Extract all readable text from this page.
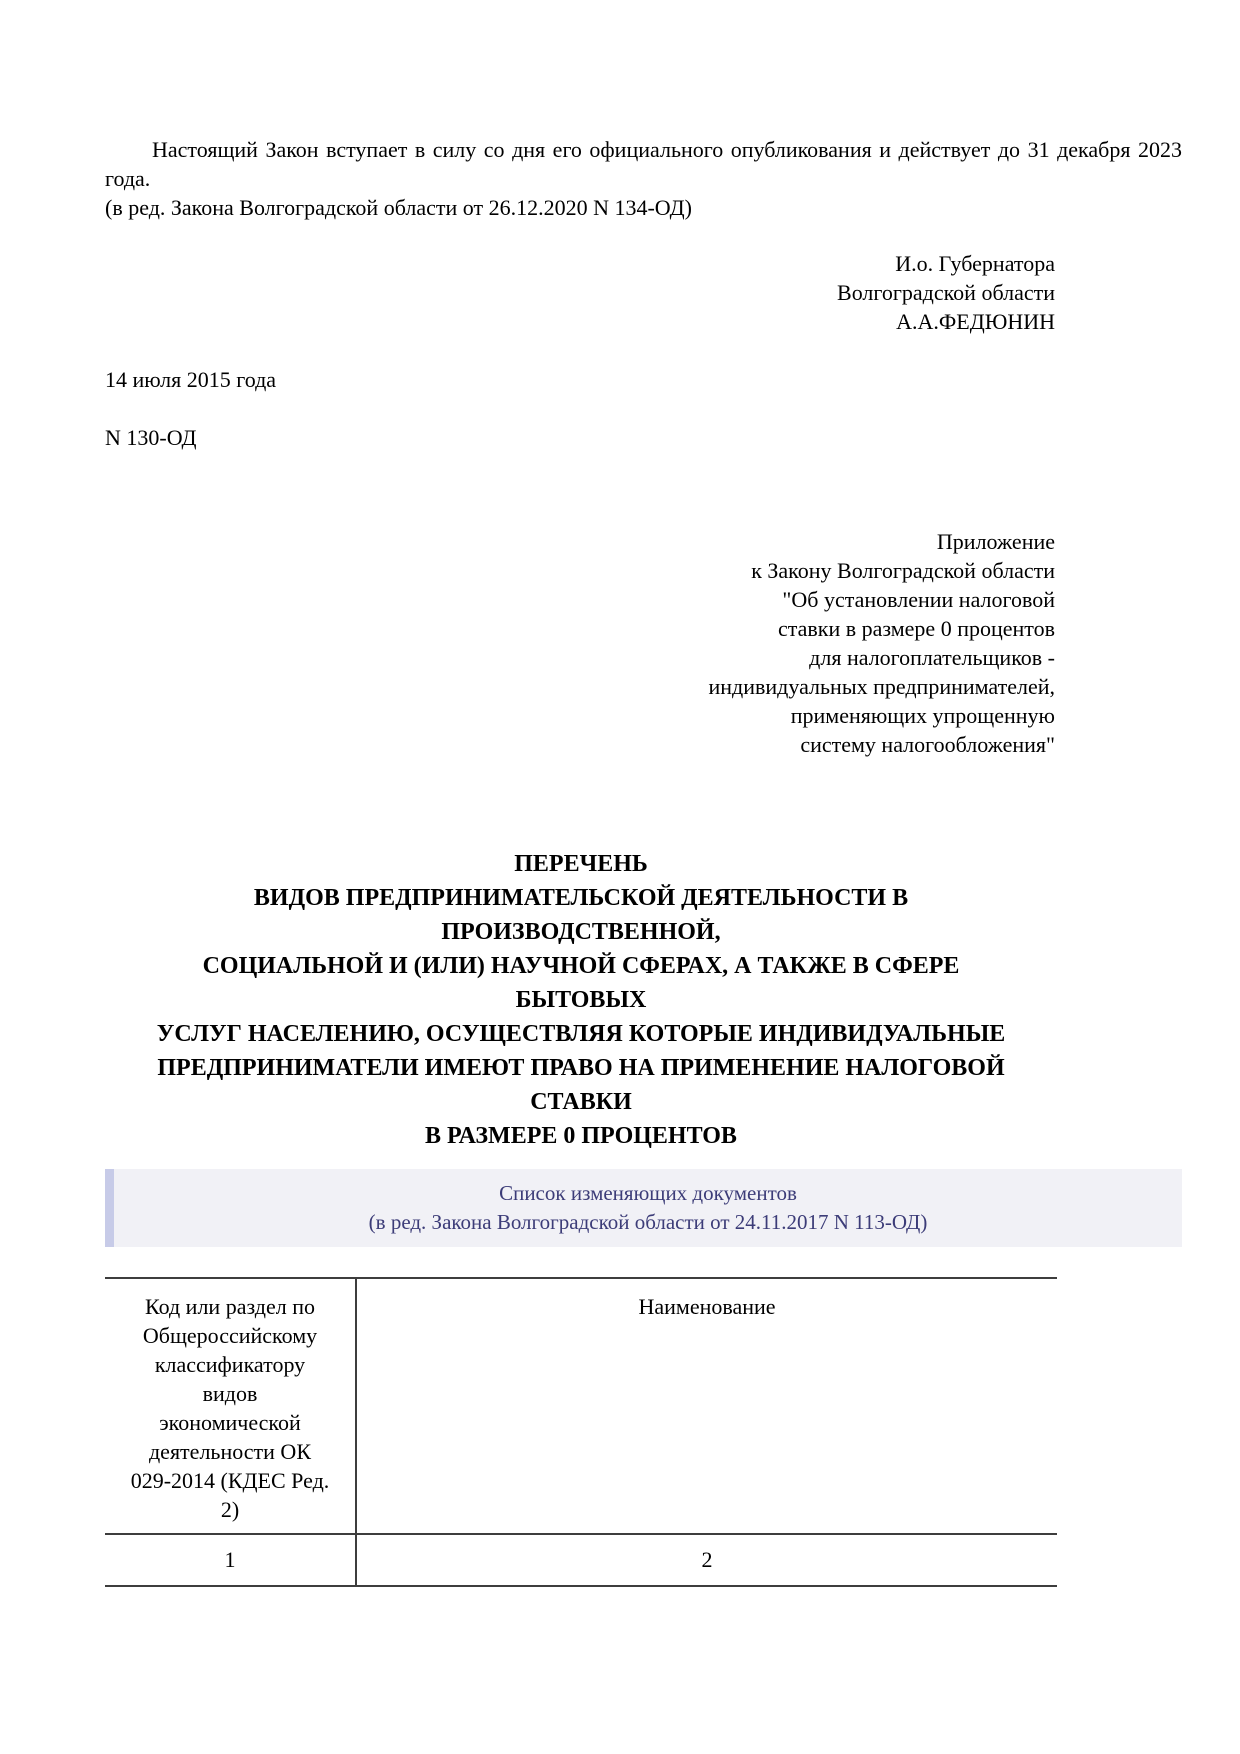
Настоящий Закон вступает в силу со дня его официального опубликования и действует до 31 декабря 2023 года.

(в ред. Закона Волгоградской области от 26.12.2020 N 134-ОД)

И.о. Губернатора
Волгоградской области
А.А.ФЕДЮНИН
14 июля 2015 года
N 130-ОД
Приложение
к Закону Волгоградской области
"Об установлении налоговой
ставки в размере 0 процентов
для налогоплательщиков -
индивидуальных предпринимателей,
применяющих упрощенную
систему налогообложения"
ПЕРЕЧЕНЬ
ВИДОВ ПРЕДПРИНИМАТЕЛЬСКОЙ ДЕЯТЕЛЬНОСТИ В
ПРОИЗВОДСТВЕННОЙ,
СОЦИАЛЬНОЙ И (ИЛИ) НАУЧНОЙ СФЕРАХ, А ТАКЖЕ В СФЕРЕ
БЫТОВЫХ
УСЛУГ НАСЕЛЕНИЮ, ОСУЩЕСТВЛЯЯ КОТОРЫЕ ИНДИВИДУАЛЬНЫЕ
ПРЕДПРИНИМАТЕЛИ ИМЕЮТ ПРАВО НА ПРИМЕНЕНИЕ НАЛОГОВОЙ
СТАВКИ
В РАЗМЕРЕ 0 ПРОЦЕНТОВ
Список изменяющих документов
(в ред. Закона Волгоградской области от 24.11.2017 N 113-ОД)
Код или раздел по
Общероссийскому
классификатору
видов
экономической
деятельности ОК
029-2014 (КДЕС Ред.
2)
	Наименование
1	2
